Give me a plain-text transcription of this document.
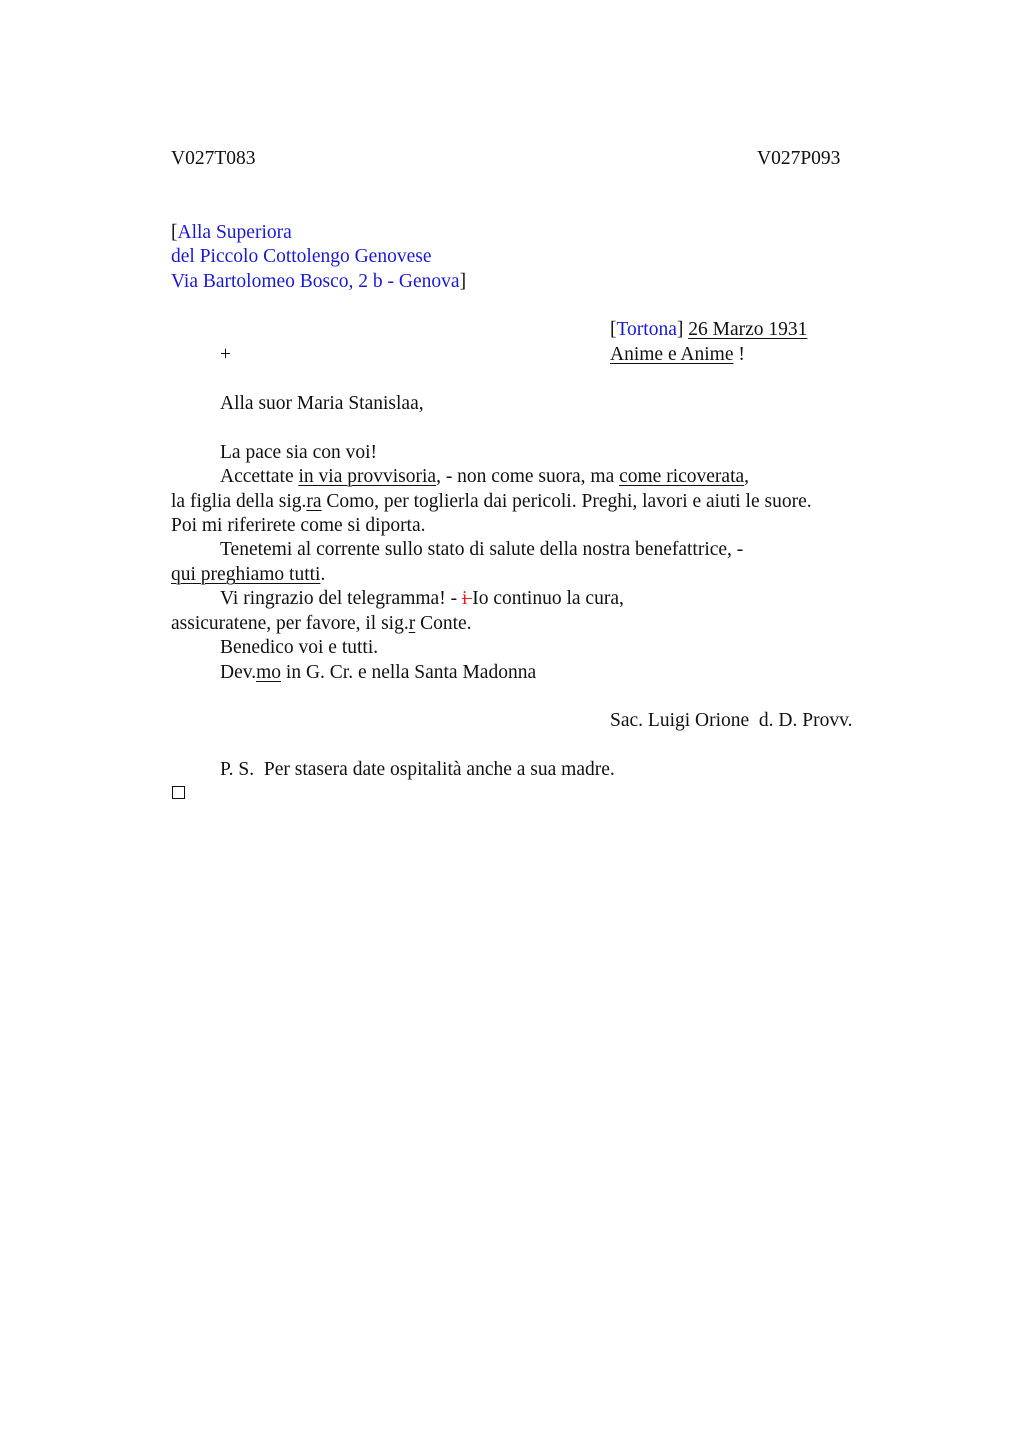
V027T083	V027P093
[Alla Superiora
del Piccolo Cottolengo Genovese
Via Bartolomeo Bosco, 2 b - Genova]
[Tortona] 26 Marzo 1931
+	Anime e Anime !
Alla suor Maria Stanislaa,
La pace sia con voi!
Accettate in via provvisoria, - non come suora, ma come ricoverata,
la figlia della sig.ra Como, per toglierla dai pericoli. Preghi, lavori e aiuti le suore.
Poi mi riferirete come si diporta.
Tenetemi al corrente sullo stato di salute della nostra benefattrice, -
qui preghiamo tutti.
Vi ringrazio del telegramma! - i Io continuo la cura,
assicuratene, per favore, il sig.r Conte.
Benedico voi e tutti.
Dev.mo in G. Cr. e nella Santa Madonna
Sac. Luigi Orione  d. D. Provv.
P. S.  Per stasera date ospitalità anche a sua madre.
